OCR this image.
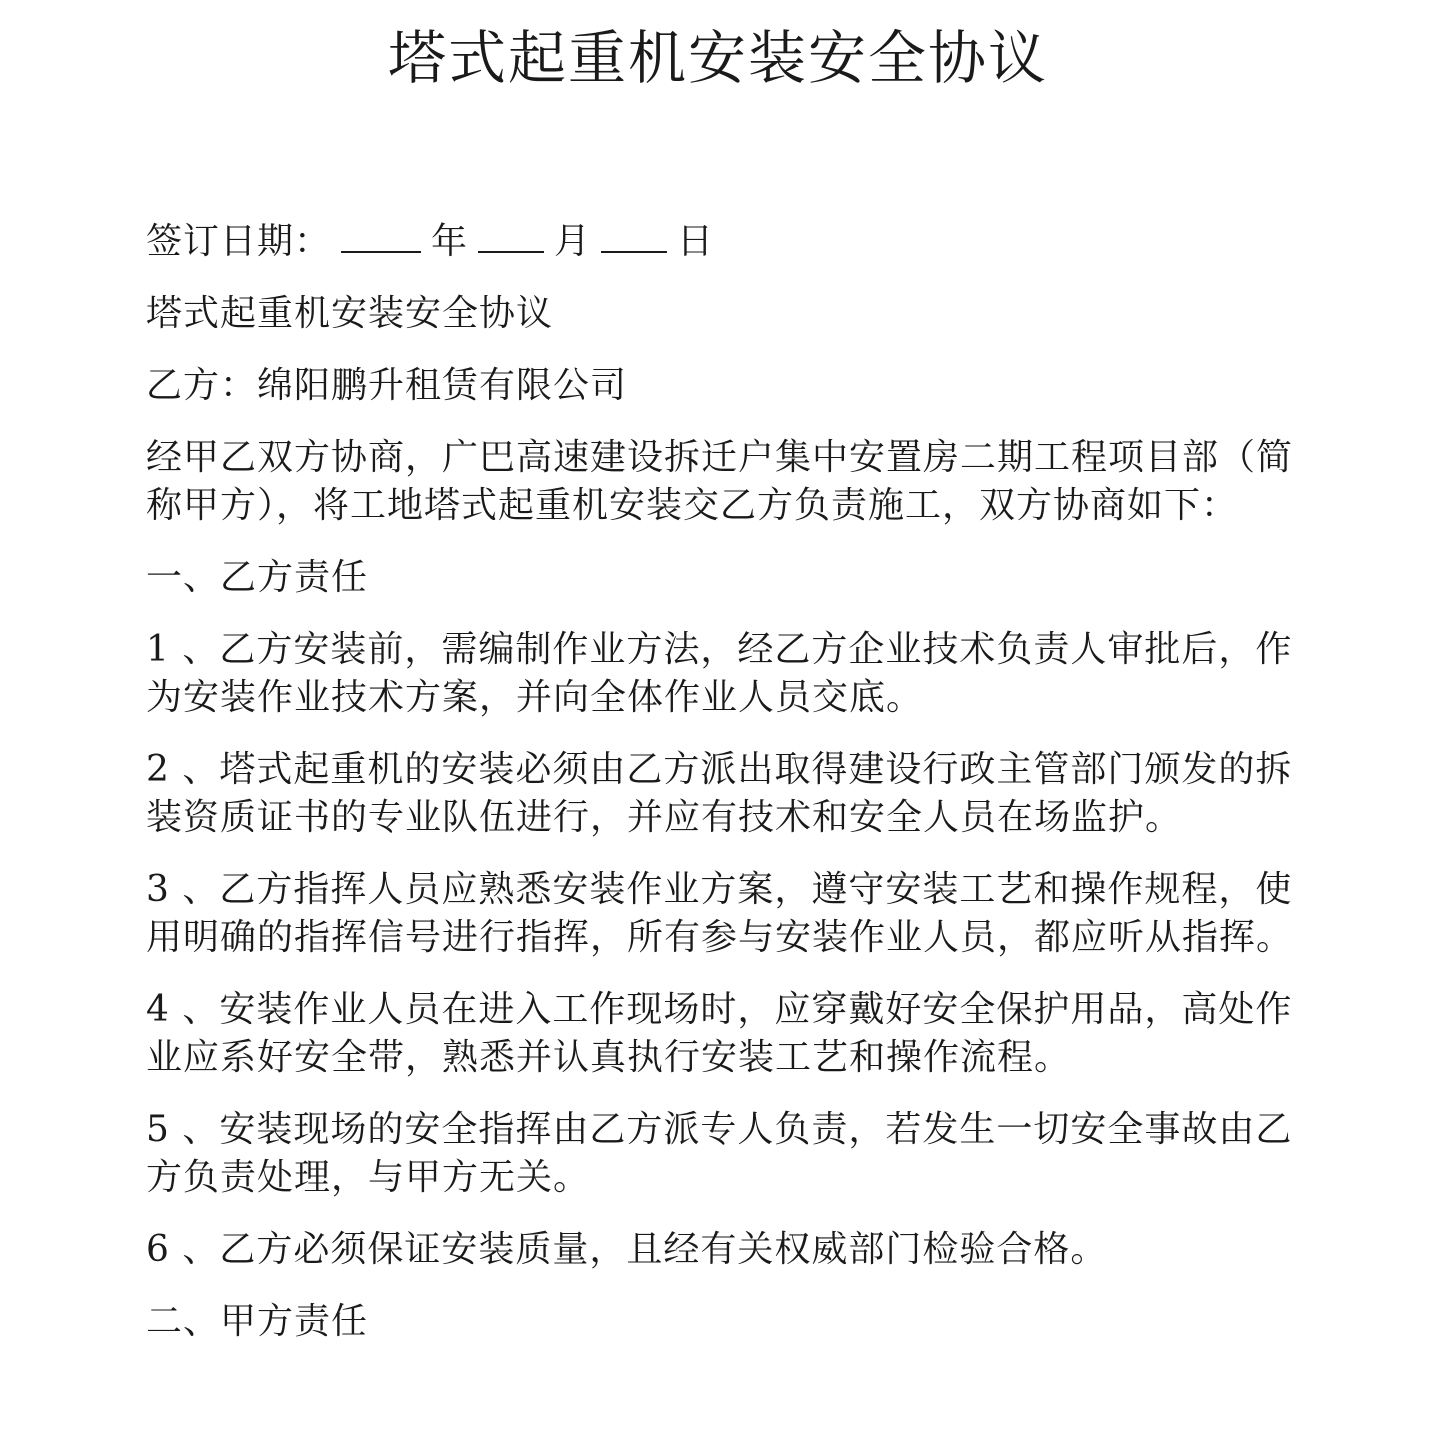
塔式起重机安装安全协议

签订日期：	年 月 日

塔式起重机安装安全协议

乙方：绵阳鹏升租赁有限公司

经甲乙双方协商，广巴高速建设拆迁户集中安置房二期工程项目部（简称甲方），将工地塔式起重机安装交乙方负责施工，双方协商如下：

一、乙方责任

1 、乙方安装前，需编制作业方法，经乙方企业技术负责人审批后，作为安装作业技术方案，并向全体作业人员交底。

2 、塔式起重机的安装必须由乙方派出取得建设行政主管部门颁发的拆装资质证书的专业队伍进行，并应有技术和安全人员在场监护。

3 、乙方指挥人员应熟悉安装作业方案，遵守安装工艺和操作规程，使用明确的指挥信号进行指挥，所有参与安装作业人员，都应听从指挥。

4 、安装作业人员在进入工作现场时，应穿戴好安全保护用品，高处作业应系好安全带，熟悉并认真执行安装工艺和操作流程。

5 、安装现场的安全指挥由乙方派专人负责，若发生一切安全事故由乙方负责处理，与甲方无关。

6 、乙方必须保证安装质量，且经有关权威部门检验合格。

二、甲方责任
